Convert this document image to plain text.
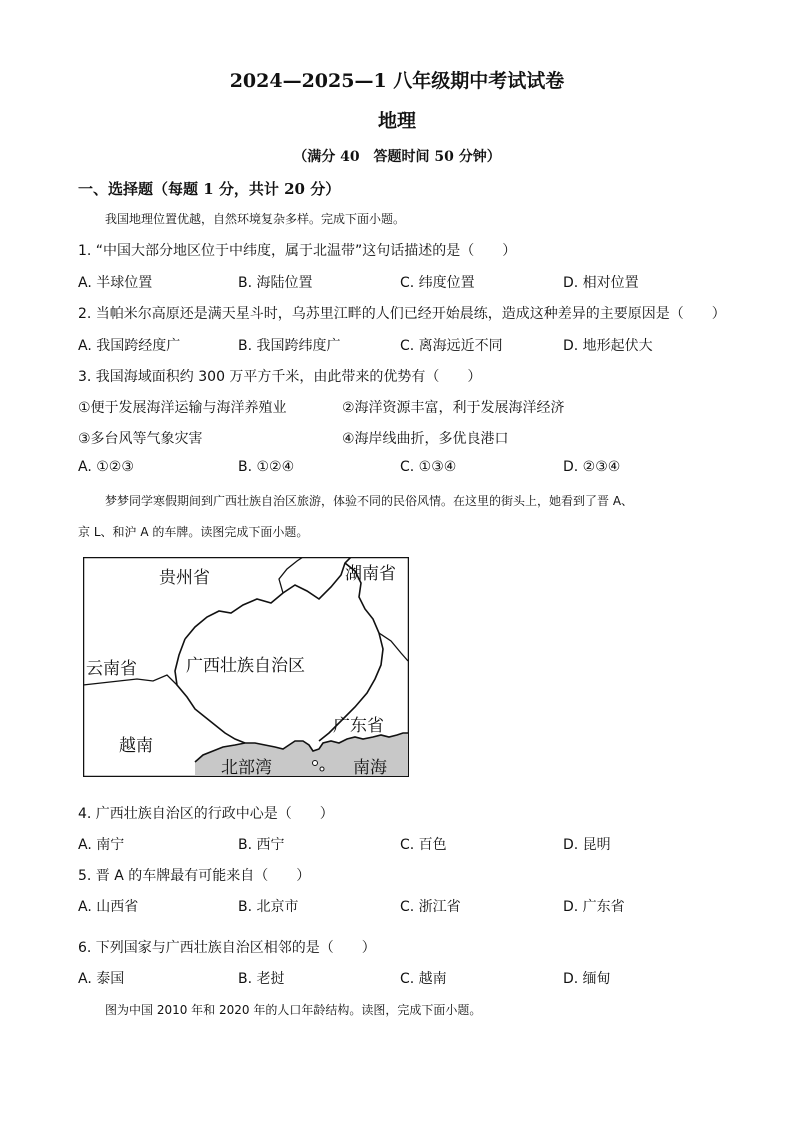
2024—2025—1 八年级期中考试试卷
地理
（满分 40　答题时间 50 分钟）
一、选择题（每题 1 分，共计 20 分）
我国地理位置优越，自然环境复杂多样。完成下面小题。
1. “中国大部分地区位于中纬度，属于北温带”这句话描述的是（　　）
A. 半球位置	B. 海陆位置	C. 纬度位置	D. 相对位置
2. 当帕米尔高原还是满天星斗时，乌苏里江畔的人们已经开始晨练，造成这种差异的主要原因是（　　）
A. 我国跨经度广	B. 我国跨纬度广	C. 离海远近不同	D. 地形起伏大
3. 我国海域面积约 300 万平方千米，由此带来的优势有（　　）
①便于发展海洋运输与海洋养殖业	②海洋资源丰富，利于发展海洋经济
③多台风等气象灾害	④海岸线曲折，多优良港口
A. ①②③	B. ①②④	C. ①③④	D. ②③④
梦梦同学寒假期间到广西壮族自治区旅游，体验不同的民俗风情。在这里的街头上，她看到了晋 A、
京 L、和沪 A 的车牌。读图完成下面小题。
贵州省	湖南省
云南省	广西壮族自治区
广东省
越南
北部湾	南海
4. 广西壮族自治区的行政中心是（　　）
A. 南宁	B. 西宁	C. 百色	D. 昆明
5. 晋 A 的车牌最有可能来自（　　）
A. 山西省	B. 北京市	C. 浙江省	D. 广东省
6. 下列国家与广西壮族自治区相邻的是（　　）
A. 泰国	B. 老挝	C. 越南	D. 缅甸
图为中国 2010 年和 2020 年的人口年龄结构。读图，完成下面小题。
